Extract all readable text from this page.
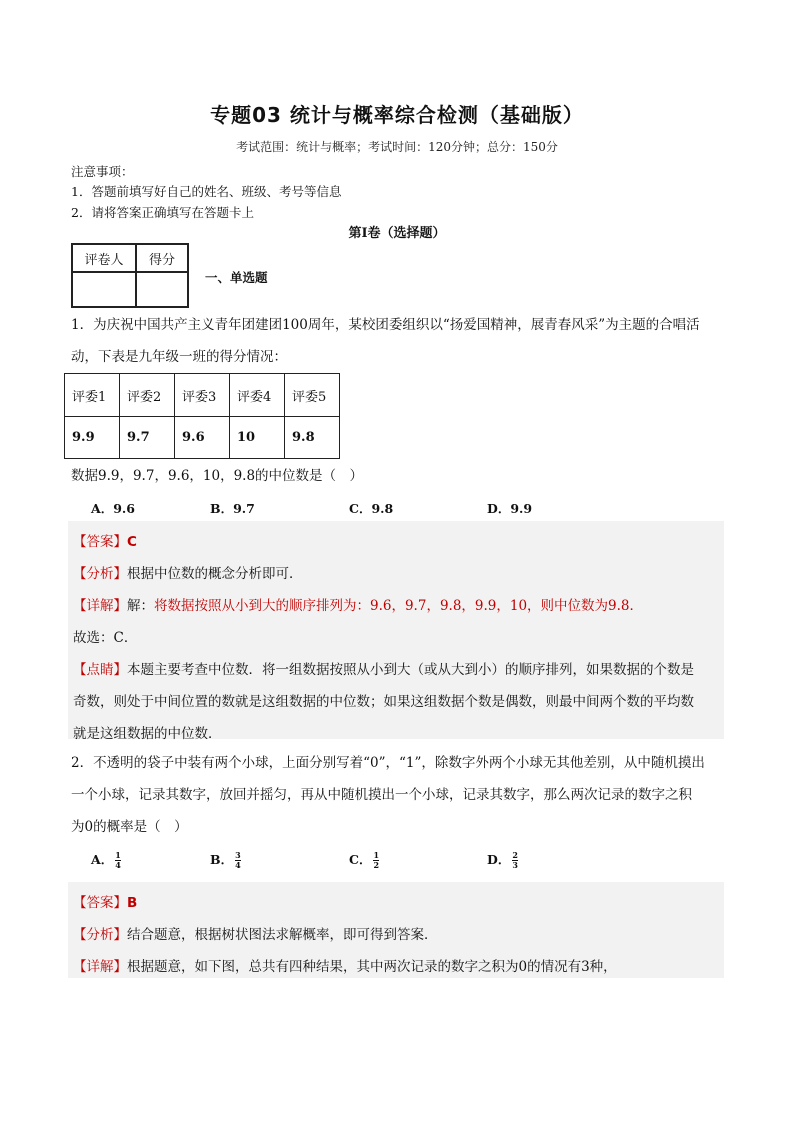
专题03 统计与概率综合检测（基础版）
考试范围：统计与概率；考试时间：120分钟；总分：150分
注意事项：
1．答题前填写好自己的姓名、班级、考号等信息
2．请将答案正确填写在答题卡上
第Ⅰ卷（选择题）
评卷人	得分

一、单选题
1．为庆祝中国共产主义青年团建团100周年，某校团委组织以“扬爱国精神，展青春风采”为主题的合唱活
动，下表是九年级一班的得分情况：
评委1	评委2	评委3	评委4	评委5
9.9	9.7	9.6	10	9.8
数据9.9，9.7，9.6，10，9.8的中位数是（　）
A．9.6	B．9.7	C．9.8	D．9.9
【答案】C
【分析】根据中位数的概念分析即可．
【详解】解：将数据按照从小到大的顺序排列为：9.6，9.7，9.8，9.9，10，则中位数为9.8．
故选：C．
【点睛】本题主要考查中位数．将一组数据按照从小到大（或从大到小）的顺序排列，如果数据的个数是
奇数，则处于中间位置的数就是这组数据的中位数；如果这组数据个数是偶数，则最中间两个数的平均数
就是这组数据的中位数．
2．不透明的袋子中装有两个小球，上面分别写着“0”，“1”，除数字外两个小球无其他差别，从中随机摸出
一个小球，记录其数字，放回并摇匀，再从中随机摸出一个小球，记录其数字，那么两次记录的数字之积
为0的概率是（　）
A． $\frac{1}{4}$	B． $\frac{3}{4}$	C． $\frac{1}{2}$	D． $\frac{2}{3}$
【答案】B
【分析】结合题意，根据树状图法求解概率，即可得到答案．
【详解】根据题意，如下图，总共有四种结果，其中两次记录的数字之积为0的情况有3种，
